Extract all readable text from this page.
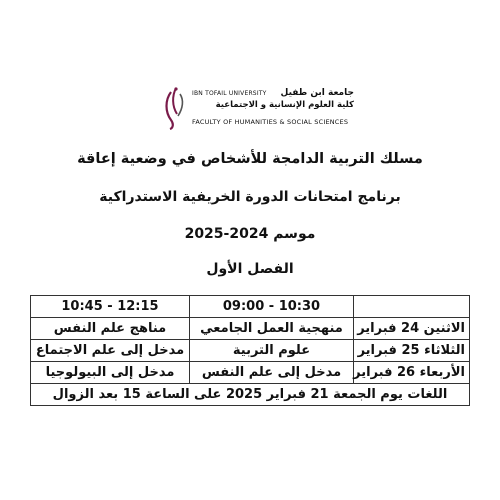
جامعة ابن طفيل
IBN TOFAIL UNIVERSITY
كلية العلوم الإنسانية و الاجتماعية
FACULTY OF HUMANITIES & SOCIAL SCIENCES
مسلك التربية الدامجة للأشخاص في وضعية إعاقة
برنامج امتحانات الدورة الخريفية الاستدراكية
موسم 2024-2025
الفصل الأول
	09:00 - 10:30	10:45 - 12:15
الاثنين 24 فبراير	منهجية العمل الجامعي	مناهج علم النفس
الثلاثاء 25 فبراير	علوم التربية	مدخل إلى علم الاجتماع
الأربعاء 26 فبراير	مدخل إلى علم النفس	مدخل إلى البيولوجيا
اللغات يوم الجمعة 21 فبراير 2025 على الساعة 15 بعد الزوال		
